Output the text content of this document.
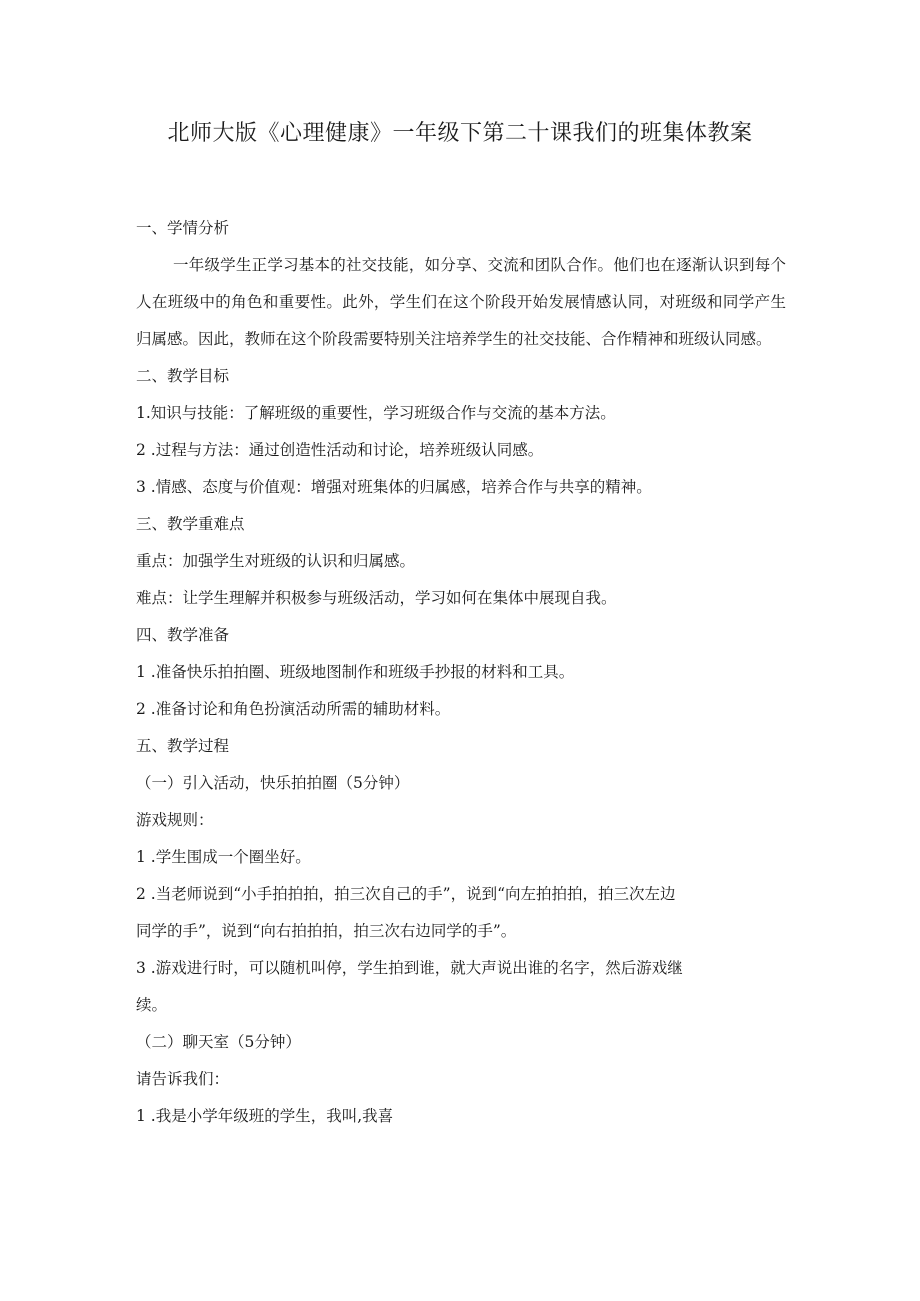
北师大版《心理健康》一年级下第二十课我们的班集体教案
一、学情分析
一年级学生正学习基本的社交技能，如分享、交流和团队合作。他们也在逐渐认识到每个人在班级中的角色和重要性。此外，学生们在这个阶段开始发展情感认同，对班级和同学产生归属感。因此，教师在这个阶段需要特别关注培养学生的社交技能、合作精神和班级认同感。
二、教学目标
1.知识与技能：了解班级的重要性，学习班级合作与交流的基本方法。
2 .过程与方法：通过创造性活动和讨论，培养班级认同感。
3 .情感、态度与价值观：增强对班集体的归属感，培养合作与共享的精神。
三、教学重难点
重点：加强学生对班级的认识和归属感。
难点：让学生理解并积极参与班级活动，学习如何在集体中展现自我。
四、教学准备
1 .准备快乐拍拍圈、班级地图制作和班级手抄报的材料和工具。
2 .准备讨论和角色扮演活动所需的辅助材料。
五、教学过程
（一）引入活动，快乐拍拍圈（5分钟）
游戏规则：
1 .学生围成一个圈坐好。
2 .当老师说到“小手拍拍拍，拍三次自己的手”，说到“向左拍拍拍，拍三次左边
同学的手”，说到“向右拍拍拍，拍三次右边同学的手”。
3 .游戏进行时，可以随机叫停，学生拍到谁，就大声说出谁的名字，然后游戏继
续。
（二）聊天室（5分钟）
请告诉我们：
1 .我是小学年级班的学生，我叫,我喜
